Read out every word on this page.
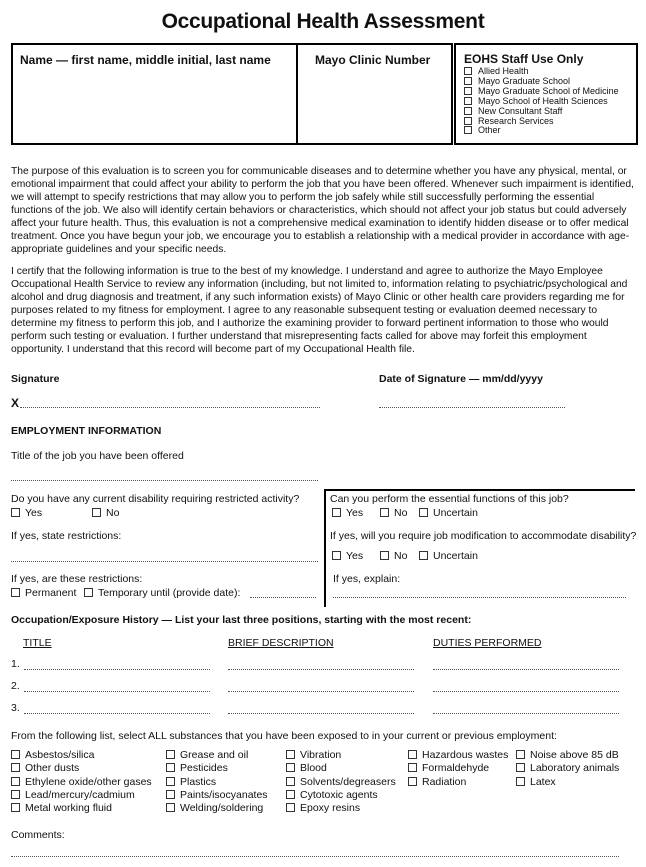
Occupational Health Assessment
Name — first name, middle initial, last name	Mayo Clinic Number	EOHS Staff Use Only
Allied Health
Mayo Graduate School
Mayo Graduate School of Medicine
Mayo School of Health Sciences
New Consultant Staff
Research Services
Other

The purpose of this evaluation is to screen you for communicable diseases and to determine whether you have any physical, mental, or emotional impairment that could affect your ability to perform the job that you have been offered. Whenever such impairment is identified, we will attempt to specify restrictions that may allow you to perform the job safely while still successfully performing the essential functions of the job. We also will identify certain behaviors or characteristics, which should not affect your job status but could adversely affect your future health. Thus, this evaluation is not a comprehensive medical examination to identify hidden disease or to offer medical treatment. Once you have begun your job, we encourage you to establish a relationship with a medical provider in accordance with age-appropriate guidelines and your specific needs.

I certify that the following information is true to the best of my knowledge. I understand and agree to authorize the Mayo Employee Occupational Health Service to review any information (including, but not limited to, information relating to psychiatric/psychological and alcohol and drug diagnosis and treatment, if any such information exists) of Mayo Clinic or other health care providers regarding me for purposes related to my fitness for employment. I agree to any reasonable subsequent testing or evaluation deemed necessary to determine my fitness to perform this job, and I authorize the examining provider to forward pertinent information to those who would perform such testing or evaluation. I further understand that misrepresenting facts called for above may forfeit this employment opportunity. I understand that this record will become part of my Occupational Health file.

Signature	Date of Signature — mm/dd/yyyy
X
EMPLOYMENT INFORMATION
Title of the job you have been offered
Do you have any current disability requiring restricted activity?
Yes	No
If yes, state restrictions:
If yes, are these restrictions:
Permanent	Temporary until (provide date):
Can you perform the essential functions of this job?
Yes	No	Uncertain
If yes, will you require job modification to accommodate disability?
Yes	No	Uncertain
If yes, explain:
Occupation/Exposure History — List your last three positions, starting with the most recent:
TITLE	BRIEF DESCRIPTION	DUTIES PERFORMED
1.
2.
3.
From the following list, select ALL substances that you have been exposed to in your current or previous employment:
Asbestos/silica
Other dusts
Ethylene oxide/other gases
Lead/mercury/cadmium
Metal working fluid
Grease and oil
Pesticides
Plastics
Paints/isocyanates
Welding/soldering
Vibration
Blood
Solvents/degreasers
Cytotoxic agents
Epoxy resins
Hazardous wastes
Formaldehyde
Radiation
Noise above 85 dB
Laboratory animals
Latex
Comments:
